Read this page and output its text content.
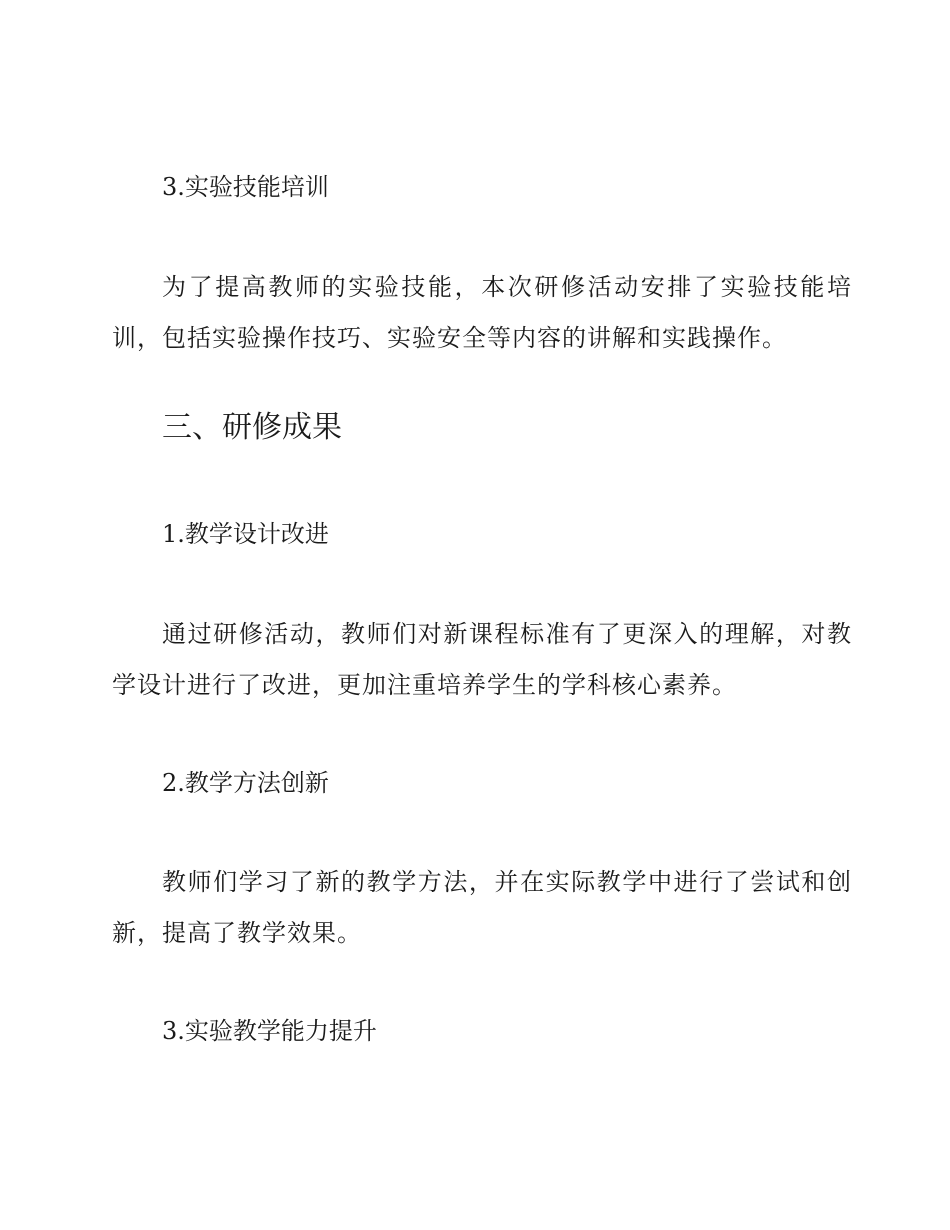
3.实验技能培训

为了提高教师的实验技能，本次研修活动安排了实验技能培训，包括实验操作技巧、实验安全等内容的讲解和实践操作。

三、研修成果

1.教学设计改进

通过研修活动，教师们对新课程标准有了更深入的理解，对教学设计进行了改进，更加注重培养学生的学科核心素养。

2.教学方法创新

教师们学习了新的教学方法，并在实际教学中进行了尝试和创新，提高了教学效果。

3.实验教学能力提升
